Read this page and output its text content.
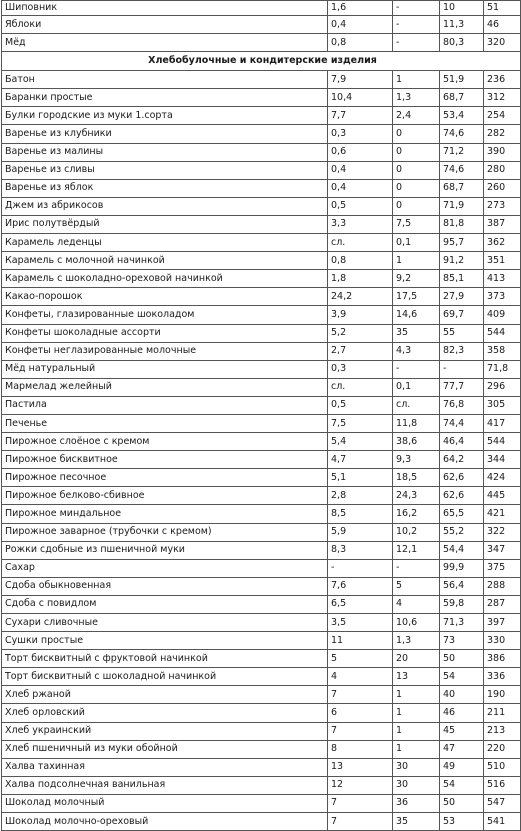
Шиповник	1,6	-	10	51
Яблоки	0,4	-	11,3	46
Мёд	0,8	-	80,3	320
Хлебобулочные и кондитерские изделия				
Батон	7,9	1	51,9	236
Баранки простые	10,4	1,3	68,7	312
Булки городские из муки 1.сорта	7,7	2,4	53,4	254
Варенье из клубники	0,3	0	74,6	282
Варенье из малины	0,6	0	71,2	390
Варенье из сливы	0,4	0	74,6	280
Варенье из яблок	0,4	0	68,7	260
Джем из абрикосов	0,5	0	71,9	273
Ирис полутвёрдый	3,3	7,5	81,8	387
Карамель леденцы	сл.	0,1	95,7	362
Карамель с молочной начинкой	0,8	1	91,2	351
Карамель с шоколадно-ореховой начинкой	1,8	9,2	85,1	413
Какао-порошок	24,2	17,5	27,9	373
Конфеты, глазированные шоколадом	3,9	14,6	69,7	409
Конфеты шоколадные ассорти	5,2	35	55	544
Конфеты неглазированные молочные	2,7	4,3	82,3	358
Мёд натуральный	0,3	-	-	71,8
Мармелад желейный	сл.	0,1	77,7	296
Пастила	0,5	сл.	76,8	305
Печенье	7,5	11,8	74,4	417
Пирожное слоёное с кремом	5,4	38,6	46,4	544
Пирожное бисквитное	4,7	9,3	64,2	344
Пирожное песочное	5,1	18,5	62,6	424
Пирожное белково-сбивное	2,8	24,3	62,6	445
Пирожное миндальное	8,5	16,2	65,5	421
Пирожное заварное (трубочки с кремом)	5,9	10,2	55,2	322
Рожки сдобные из пшеничной муки	8,3	12,1	54,4	347
Сахар	-	-	99,9	375
Сдоба обыкновенная	7,6	5	56,4	288
Сдоба с повидлом	6,5	4	59,8	287
Сухари сливочные	3,5	10,6	71,3	397
Сушки простые	11	1,3	73	330
Торт бисквитный с фруктовой начинкой	5	20	50	386
Торт бисквитный с шоколадной начинкой	4	13	54	336
Хлеб ржаной	7	1	40	190
Хлеб орловский	6	1	46	211
Хлеб украинский	7	1	45	213
Хлеб пшеничный из муки обойной	8	1	47	220
Халва тахинная	13	30	49	510
Халва подсолнечная ванильная	12	30	54	516
Шоколад молочный	7	36	50	547
Шоколад молочно-ореховый	7	35	53	541
